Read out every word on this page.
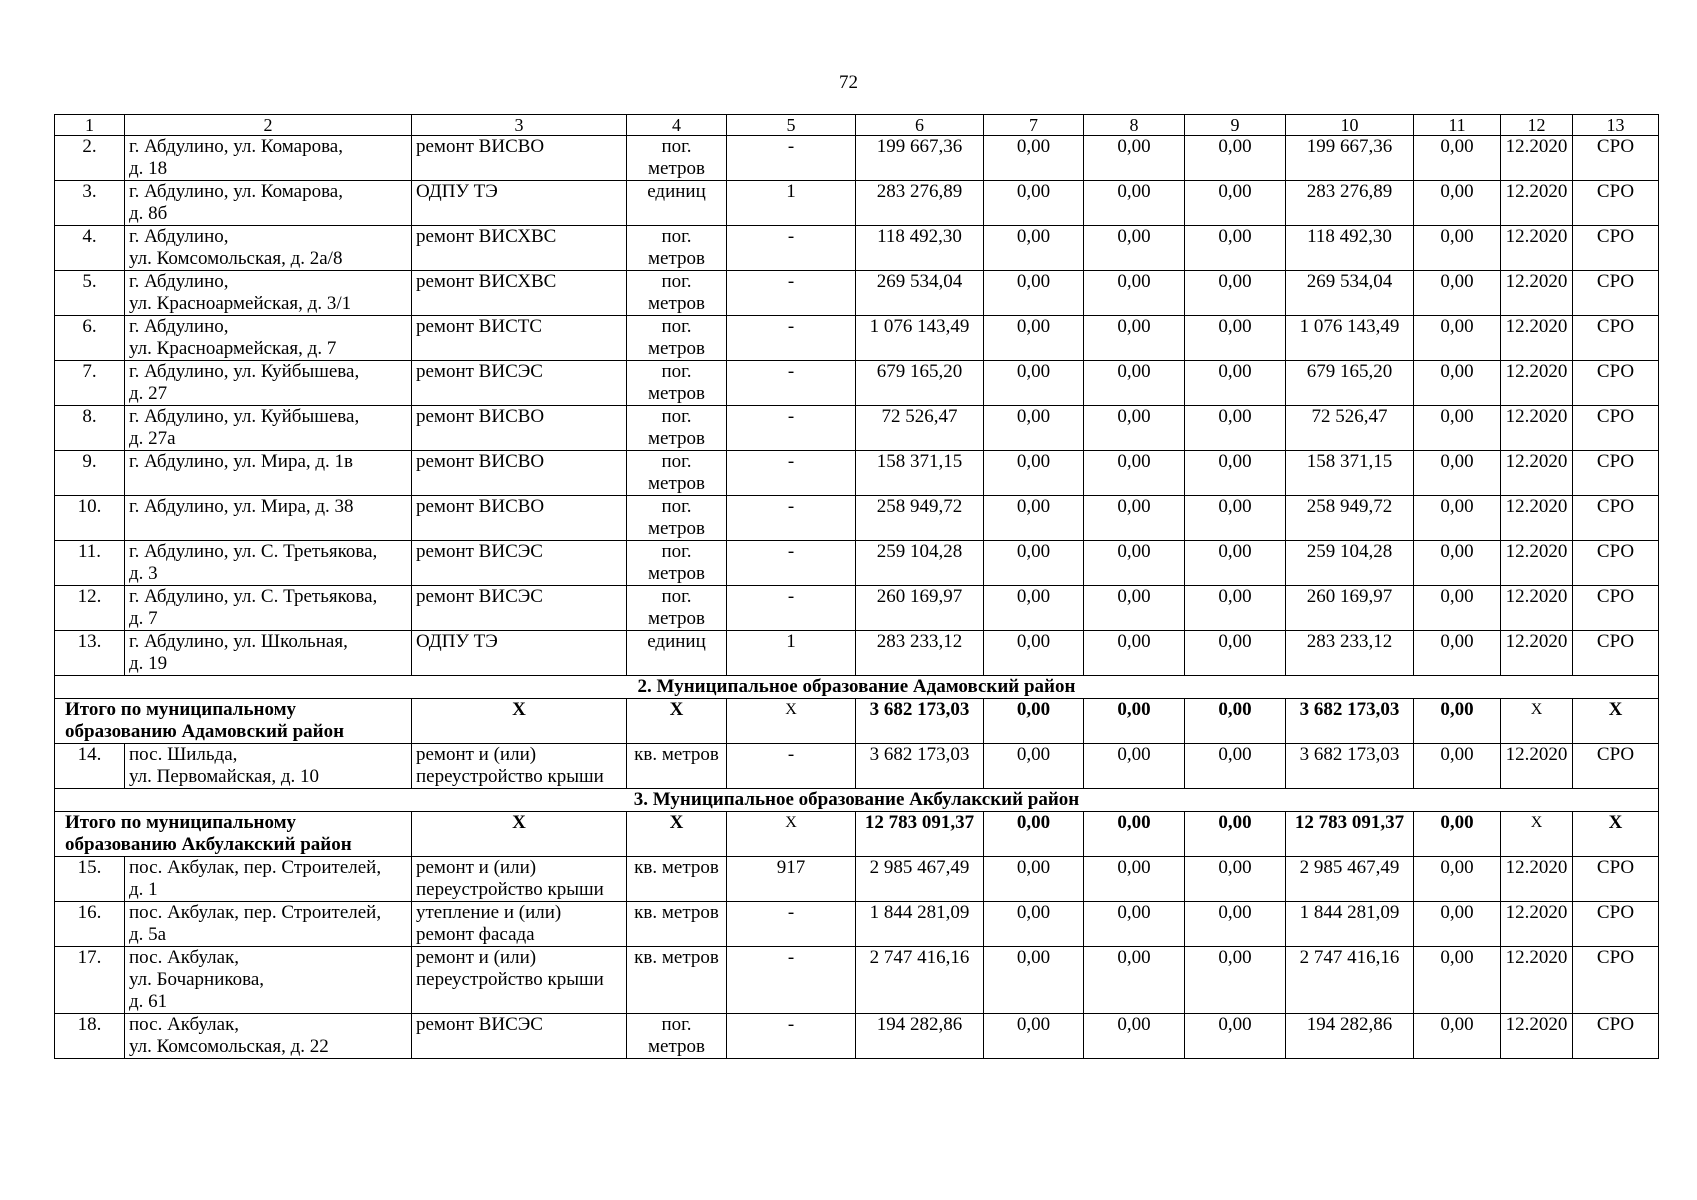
72
1	2	3	4	5	6	7	8	9	10	11	12	13
2.	г. Абдулино, ул. Комарова,
д. 18	ремонт ВИСВО	пог.
метров	-	199 667,36	0,00	0,00	0,00	199 667,36	0,00	12.2020	СРО
3.	г. Абдулино, ул. Комарова,
д. 8б	ОДПУ ТЭ	единиц	1	283 276,89	0,00	0,00	0,00	283 276,89	0,00	12.2020	СРО
4.	г. Абдулино,
ул. Комсомольская, д. 2а/8	ремонт ВИСХВС	пог.
метров	-	118 492,30	0,00	0,00	0,00	118 492,30	0,00	12.2020	СРО
5.	г. Абдулино,
ул. Красноармейская, д. 3/1	ремонт ВИСХВС	пог.
метров	-	269 534,04	0,00	0,00	0,00	269 534,04	0,00	12.2020	СРО
6.	г. Абдулино,
ул. Красноармейская, д. 7	ремонт ВИСТС	пог.
метров	-	1 076 143,49	0,00	0,00	0,00	1 076 143,49	0,00	12.2020	СРО
7.	г. Абдулино, ул. Куйбышева,
д. 27	ремонт ВИСЭС	пог.
метров	-	679 165,20	0,00	0,00	0,00	679 165,20	0,00	12.2020	СРО
8.	г. Абдулино, ул. Куйбышева,
д. 27а	ремонт ВИСВО	пог.
метров	-	72 526,47	0,00	0,00	0,00	72 526,47	0,00	12.2020	СРО
9.	г. Абдулино, ул. Мира, д. 1в	ремонт ВИСВО	пог.
метров	-	158 371,15	0,00	0,00	0,00	158 371,15	0,00	12.2020	СРО
10.	г. Абдулино, ул. Мира, д. 38	ремонт ВИСВО	пог.
метров	-	258 949,72	0,00	0,00	0,00	258 949,72	0,00	12.2020	СРО
11.	г. Абдулино, ул. С. Третьякова,
д. 3	ремонт ВИСЭС	пог.
метров	-	259 104,28	0,00	0,00	0,00	259 104,28	0,00	12.2020	СРО
12.	г. Абдулино, ул. С. Третьякова,
д. 7	ремонт ВИСЭС	пог.
метров	-	260 169,97	0,00	0,00	0,00	260 169,97	0,00	12.2020	СРО
13.	г. Абдулино, ул. Школьная,
д. 19	ОДПУ ТЭ	единиц	1	283 233,12	0,00	0,00	0,00	283 233,12	0,00	12.2020	СРО
2. Муниципальное образование Адамовский район												
Итого по муниципальному
образованию Адамовский район		X	X	X	3 682 173,03	0,00	0,00	0,00	3 682 173,03	0,00	X	X
14.	пос. Шильда,
ул. Первомайская, д. 10	ремонт и (или)
переустройство крыши	кв. метров	-	3 682 173,03	0,00	0,00	0,00	3 682 173,03	0,00	12.2020	СРО
3. Муниципальное образование Акбулакский район												
Итого по муниципальному
образованию Акбулакский район		X	X	X	12 783 091,37	0,00	0,00	0,00	12 783 091,37	0,00	X	X
15.	пос. Акбулак, пер. Строителей,
д. 1	ремонт и (или)
переустройство крыши	кв. метров	917	2 985 467,49	0,00	0,00	0,00	2 985 467,49	0,00	12.2020	СРО
16.	пос. Акбулак, пер. Строителей,
д. 5а	утепление и (или)
ремонт фасада	кв. метров	-	1 844 281,09	0,00	0,00	0,00	1 844 281,09	0,00	12.2020	СРО
17.	пос. Акбулак,
ул. Бочарникова,
д. 61	ремонт и (или)
переустройство крыши	кв. метров	-	2 747 416,16	0,00	0,00	0,00	2 747 416,16	0,00	12.2020	СРО
18.	пос. Акбулак,
ул. Комсомольская, д. 22	ремонт ВИСЭС	пог.
метров	-	194 282,86	0,00	0,00	0,00	194 282,86	0,00	12.2020	СРО
